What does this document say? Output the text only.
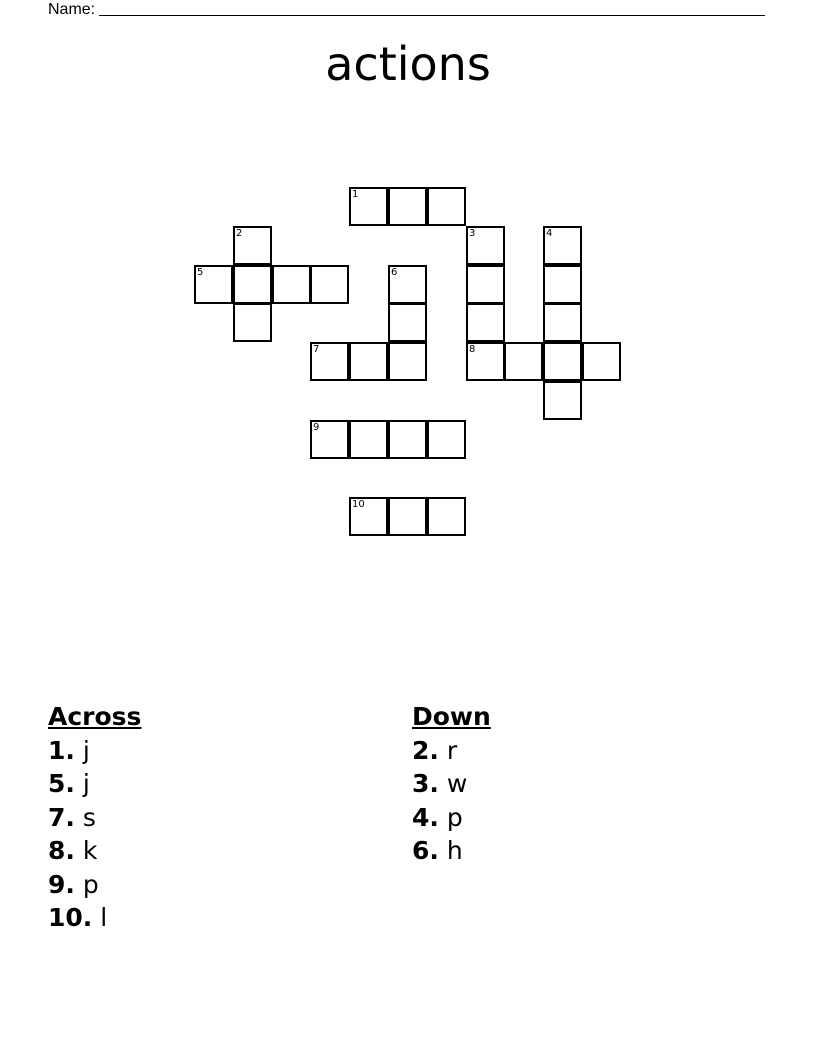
Name:
actions
1
2	3	4
5	6
7	8
9
10
Across
1. j
5. j
7. s
8. k
9. p
10. l
Down
2. r
3. w
4. p
6. h
